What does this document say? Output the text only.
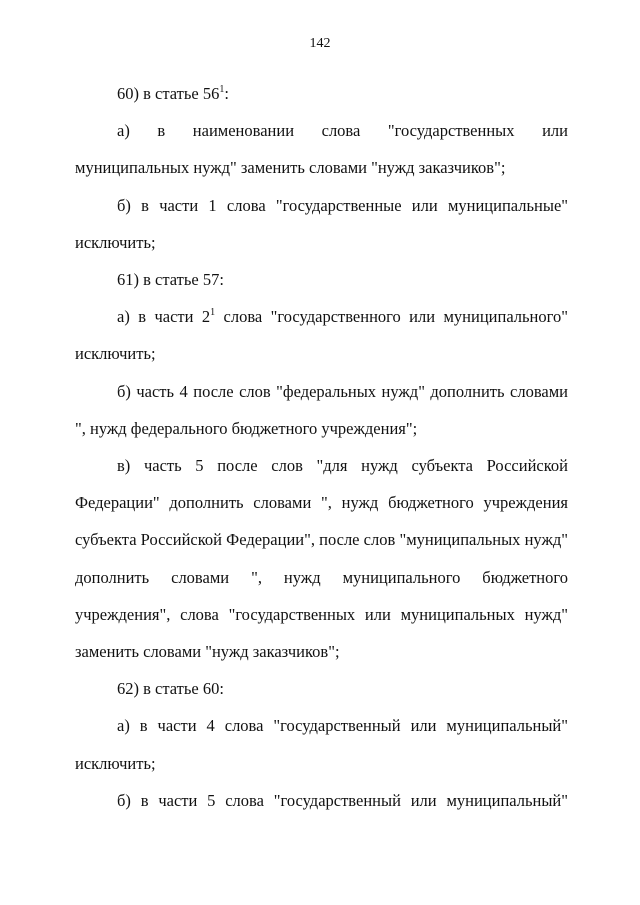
142

60) в статье $56^1$:

а) в наименовании слова "государственных или муниципальных нужд" заменить словами "нужд заказчиков";

б) в части 1 слова "государственные или муниципальные" исключить;

61) в статье 57:

а) в части $2^1$ слова "государственного или муниципального" исключить;

б) часть 4 после слов "федеральных нужд" дополнить словами ", нужд федерального бюджетного учреждения";

в) часть 5 после слов "для нужд субъекта Российской Федерации" дополнить словами ", нужд бюджетного учреждения субъекта Российской Федерации", после слов "муниципальных нужд" дополнить словами ", нужд муниципального бюджетного учреждения", слова "государственных или муниципальных нужд" заменить словами "нужд заказчиков";

62) в статье 60:

а) в части 4 слова "государственный или муниципальный" исключить;

б) в части 5 слова "государственный или муниципальный"
